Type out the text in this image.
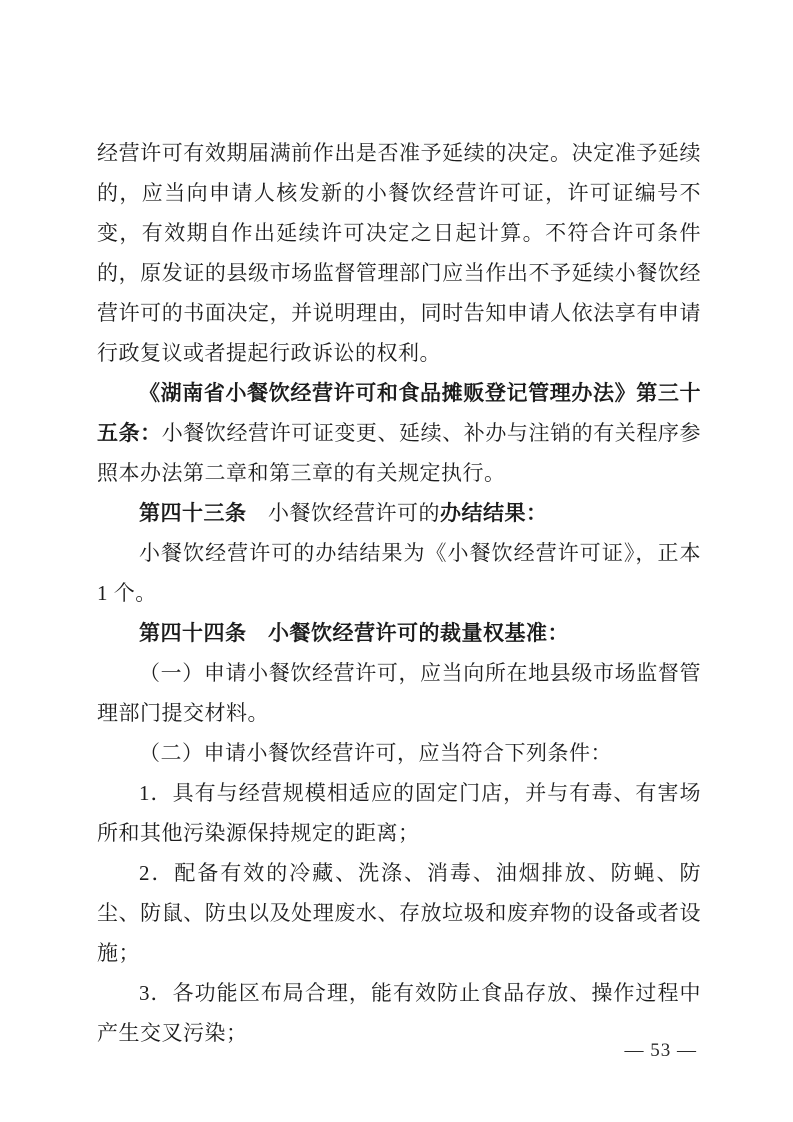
经营许可有效期届满前作出是否准予延续的决定。决定准予延续的，应当向申请人核发新的小餐饮经营许可证，许可证编号不变，有效期自作出延续许可决定之日起计算。不符合许可条件的，原发证的县级市场监督管理部门应当作出不予延续小餐饮经营许可的书面决定，并说明理由，同时告知申请人依法享有申请行政复议或者提起行政诉讼的权利。

《湖南省小餐饮经营许可和食品摊贩登记管理办法》第三十五条：小餐饮经营许可证变更、延续、补办与注销的有关程序参照本办法第二章和第三章的有关规定执行。

第四十三条　小餐饮经营许可的办结结果：

小餐饮经营许可的办结结果为《小餐饮经营许可证》，正本 1 个。

第四十四条　小餐饮经营许可的裁量权基准：

（一）申请小餐饮经营许可，应当向所在地县级市场监督管理部门提交材料。

（二）申请小餐饮经营许可，应当符合下列条件：

1．具有与经营规模相适应的固定门店，并与有毒、有害场所和其他污染源保持规定的距离；

2．配备有效的冷藏、洗涤、消毒、油烟排放、防蝇、防尘、防鼠、防虫以及处理废水、存放垃圾和废弃物的设备或者设施；

3．各功能区布局合理，能有效防止食品存放、操作过程中产生交叉污染；

— 53 —
